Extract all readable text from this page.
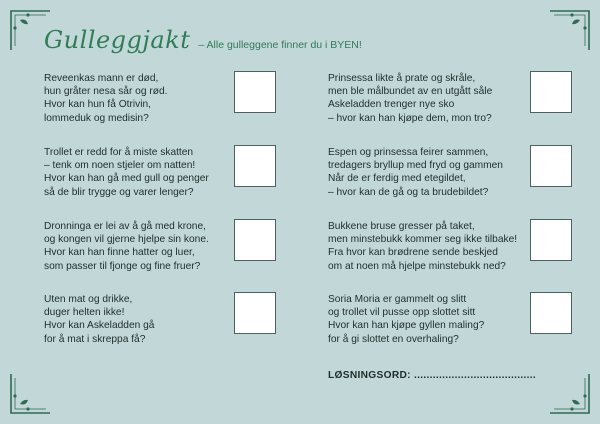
Gulleggjakt – Alle gulleggene finner du i BYEN!
Reveenkas mann er død,
hun gråter nesa sår og rød.
Hvor kan hun få Otrivin,
lommeduk og medisin?
Trollet er redd for å miste skatten
– tenk om noen stjeler om natten!
Hvor kan han gå med gull og penger
så de blir trygge og varer lenger?
Dronninga er lei av å gå med krone,
og kongen vil gjerne hjelpe sin kone.
Hvor kan han finne hatter og luer,
som passer til fjonge og fine fruer?
Uten mat og drikke,
duger helten ikke!
Hvor kan Askeladden gå
for å mat i skreppa få?
Prinsessa likte å prate og skråle,
men ble målbundet av en utgått såle
Askeladden trenger nye sko
– hvor kan han kjøpe dem, mon tro?
Espen og prinsessa feirer sammen,
tredagers bryllup med fryd og gammen
Når de er ferdig med etegildet,
– hvor kan de gå og ta brudebildet?
Bukkene bruse gresser på taket,
men minstebukk kommer seg ikke tilbake!
Fra hvor kan brødrene sende beskjed
om at noen må hjelpe minstebukk ned?
Soria Moria er gammelt og slitt
og trollet vil pusse opp slottet sitt
Hvor kan han kjøpe gyllen maling?
for å gi slottet en overhaling?
LØSNINGSORD: .......................................
